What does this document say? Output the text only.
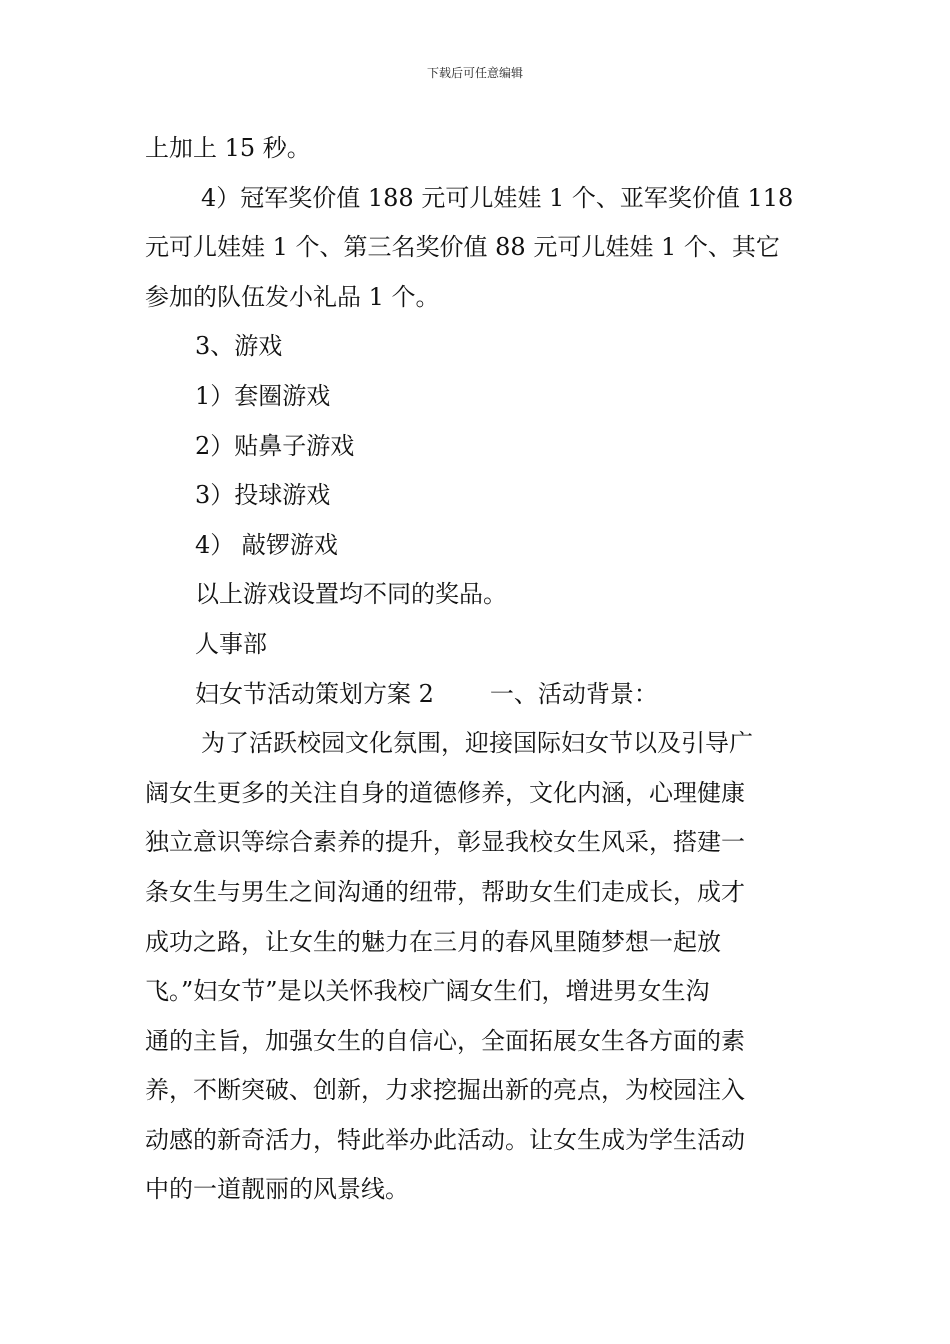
下载后可任意编辑
上加上 15 秒。
4）冠军奖价值 188 元可儿娃娃 1 个、亚军奖价值 118
元可儿娃娃 1 个、第三名奖价值 88 元可儿娃娃 1 个、其它
参加的队伍发小礼品 1 个。
3、游戏
1）套圈游戏
2）贴鼻子游戏
3）投球游戏
4） 敲锣游戏
以上游戏设置均不同的奖品。
人事部
妇女节活动策划方案 2 一、活动背景：
为了活跃校园文化氛围，迎接国际妇女节以及引导广
阔女生更多的关注自身的道德修养，文化内涵，心理健康
独立意识等综合素养的提升，彰显我校女生风采，搭建一
条女生与男生之间沟通的纽带，帮助女生们走成长，成才
成功之路，让女生的魅力在三月的春风里随梦想一起放
飞。”妇女节”是以关怀我校广阔女生们，增进男女生沟
通的主旨，加强女生的自信心，全面拓展女生各方面的素
养，不断突破、创新，力求挖掘出新的亮点，为校园注入
动感的新奇活力，特此举办此活动。让女生成为学生活动
中的一道靓丽的风景线。
